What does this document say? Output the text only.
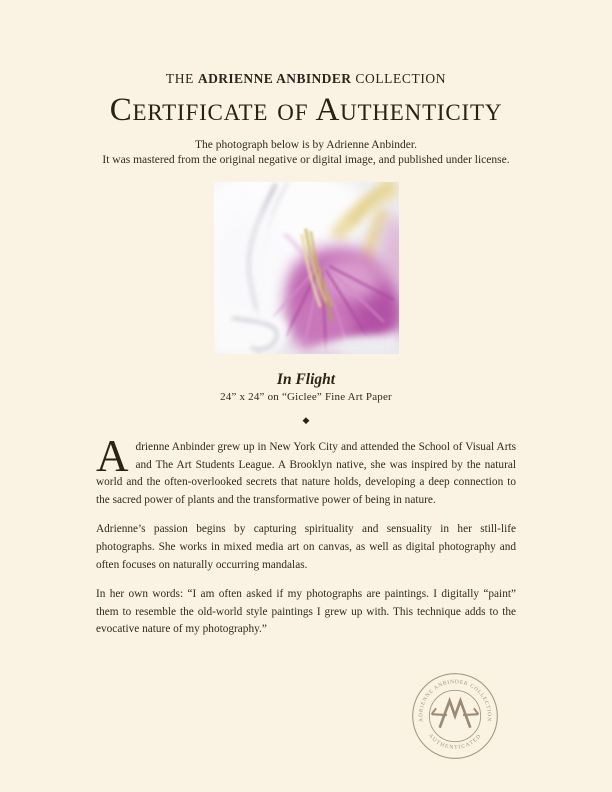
THE ADRIENNE ANBINDER COLLECTION
Certificate of Authenticity

The photograph below is by Adrienne Anbinder.
It was mastered from the original negative or digital image, and published under license.

In Flight
24” x 24” on “Giclee” Fine Art Paper
◆

Adrienne Anbinder grew up in New York City and attended the School of Visual Arts and The Art Students League. A Brooklyn native, she was inspired by the natural world and the often-overlooked secrets that nature holds, developing a deep connection to the sacred power of plants and the transformative power of being in nature.

Adrienne’s passion begins by capturing spirituality and sensuality in her still-life photographs. She works in mixed media art on canvas, as well as digital photography and often focuses on naturally occurring mandalas.

In her own words: “I am often asked if my photographs are paintings. I digitally “paint” them to resemble the old-world style paintings I grew up with. This technique adds to the evocative nature of my photography.”

ADRIENNE ANBINDER COLLECTION
AUTHENTICATED
